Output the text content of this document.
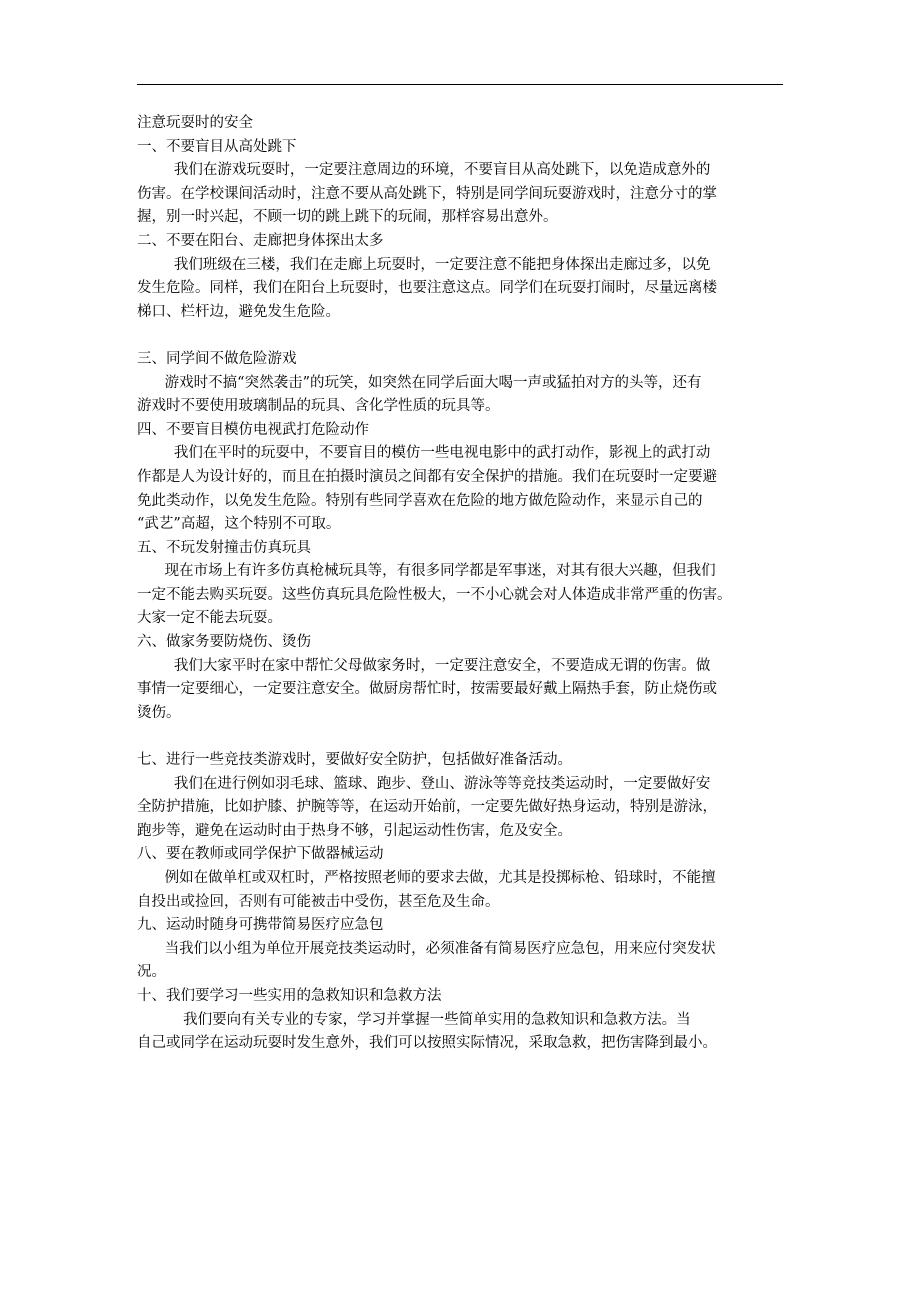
注意玩耍时的安全

一、不要盲目从高处跳下

我们在游戏玩耍时，一定要注意周边的环境，不要盲目从高处跳下，以免造成意外的

伤害。在学校课间活动时，注意不要从高处跳下，特别是同学间玩耍游戏时，注意分寸的掌

握，别一时兴起，不顾一切的跳上跳下的玩闹，那样容易出意外。

二、不要在阳台、走廊把身体探出太多

我们班级在三楼，我们在走廊上玩耍时，一定要注意不能把身体探出走廊过多，以免

发生危险。同样，我们在阳台上玩耍时，也要注意这点。同学们在玩耍打闹时，尽量远离楼

梯口、栏杆边，避免发生危险。

三、同学间不做危险游戏

游戏时不搞“突然袭击”的玩笑，如突然在同学后面大喝一声或猛拍对方的头等，还有

游戏时不要使用玻璃制品的玩具、含化学性质的玩具等。

四、不要盲目模仿电视武打危险动作

我们在平时的玩耍中，不要盲目的模仿一些电视电影中的武打动作，影视上的武打动

作都是人为设计好的，而且在拍摄时演员之间都有安全保护的措施。我们在玩耍时一定要避

免此类动作，以免发生危险。特别有些同学喜欢在危险的地方做危险动作，来显示自己的

“武艺”高超，这个特别不可取。

五、不玩发射撞击仿真玩具

现在市场上有许多仿真枪械玩具等，有很多同学都是军事迷，对其有很大兴趣，但我们

一定不能去购买玩耍。这些仿真玩具危险性极大，一不小心就会对人体造成非常严重的伤害。

大家一定不能去玩耍。

六、做家务要防烧伤、烫伤

我们大家平时在家中帮忙父母做家务时，一定要注意安全，不要造成无谓的伤害。做

事情一定要细心，一定要注意安全。做厨房帮忙时，按需要最好戴上隔热手套，防止烧伤或

烫伤。

七、进行一些竞技类游戏时，要做好安全防护，包括做好准备活动。

我们在进行例如羽毛球、篮球、跑步、登山、游泳等等竞技类运动时，一定要做好安

全防护措施，比如护膝、护腕等等，在运动开始前，一定要先做好热身运动，特别是游泳，

跑步等，避免在运动时由于热身不够，引起运动性伤害，危及安全。

八、要在教师或同学保护下做器械运动

例如在做单杠或双杠时，严格按照老师的要求去做，尤其是投掷标枪、铅球时，不能擅

自投出或捡回，否则有可能被击中受伤，甚至危及生命。

九、运动时随身可携带简易医疗应急包

当我们以小组为单位开展竞技类运动时，必须准备有简易医疗应急包，用来应付突发状

况。

十、我们要学习一些实用的急救知识和急救方法

我们要向有关专业的专家，学习并掌握一些简单实用的急救知识和急救方法。当

自己或同学在运动玩耍时发生意外，我们可以按照实际情况，采取急救，把伤害降到最小。
